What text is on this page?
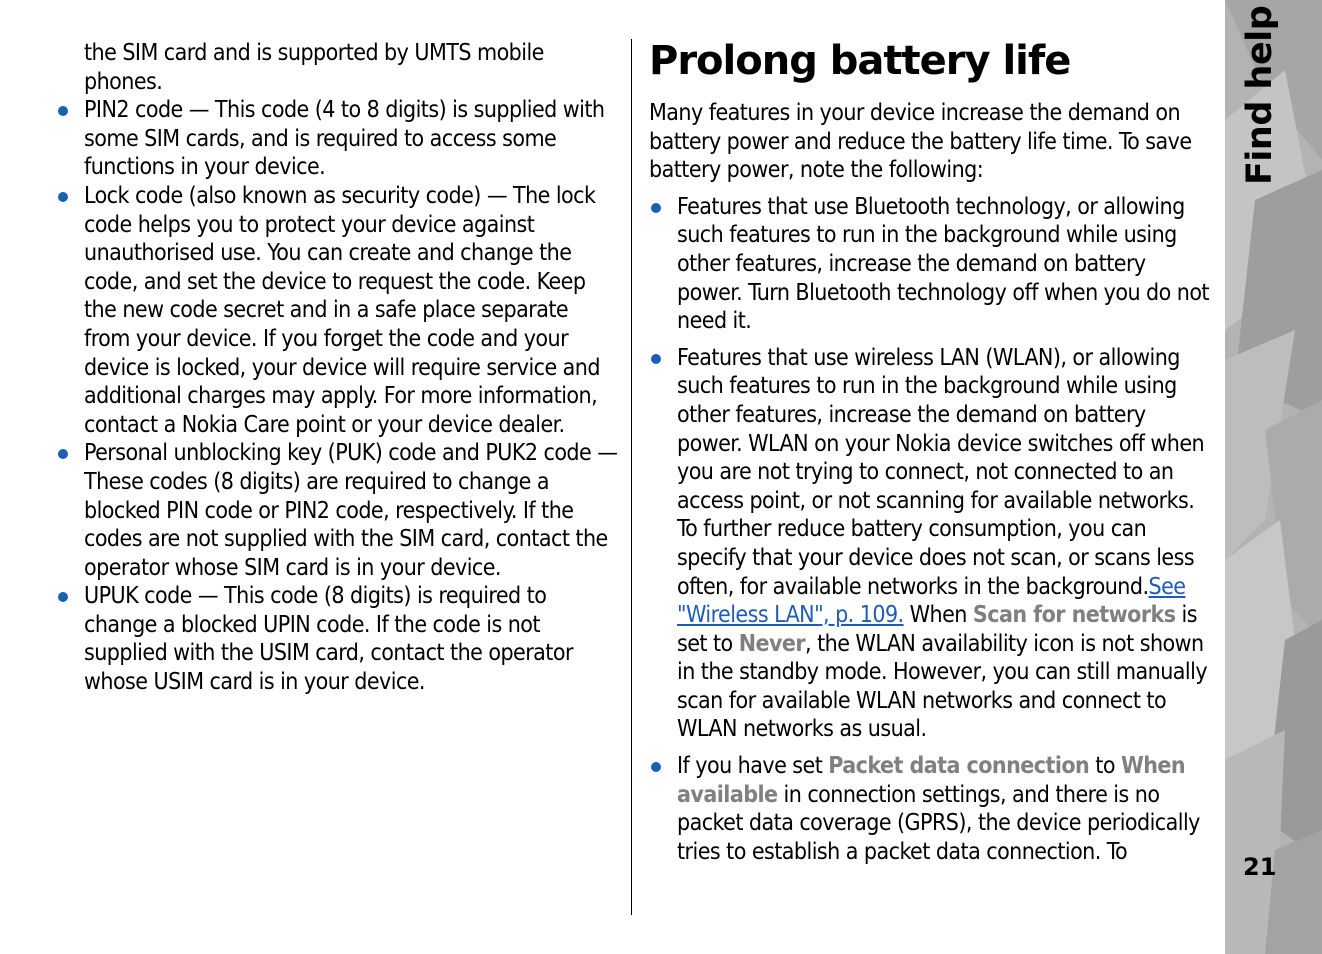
the SIM card and is supported by UMTS mobile phones.

PIN2 code — This code (4 to 8 digits) is supplied with some SIM cards, and is required to access some functions in your device.
Lock code (also known as security code) — The lock code helps you to protect your device against unauthorised use. You can create and change the code, and set the device to request the code. Keep the new code secret and in a safe place separate from your device. If you forget the code and your device is locked, your device will require service and additional charges may apply. For more information, contact a Nokia Care point or your device dealer.
Personal unblocking key (PUK) code and PUK2 code — These codes (8 digits) are required to change a blocked PIN code or PIN2 code, respectively. If the codes are not supplied with the SIM card, contact the operator whose SIM card is in your device.
UPUK code — This code (8 digits) is required to change a blocked UPIN code. If the code is not supplied with the USIM card, contact the operator whose USIM card is in your device.
Prolong battery life

Many features in your device increase the demand on battery power and reduce the battery life time. To save battery power, note the following:

Features that use Bluetooth technology, or allowing such features to run in the background while using other features, increase the demand on battery power. Turn Bluetooth technology off when you do not need it.
Features that use wireless LAN (WLAN), or allowing such features to run in the background while using other features, increase the demand on battery power. WLAN on your Nokia device switches off when you are not trying to connect, not connected to an access point, or not scanning for available networks. To further reduce battery consumption, you can specify that your device does not scan, or scans less often, for available networks in the background.See "Wireless LAN", p. 109. When Scan for networks is set to Never, the WLAN availability icon is not shown in the standby mode. However, you can still manually scan for available WLAN networks and connect to WLAN networks as usual.
If you have set Packet data connection to When available in connection settings, and there is no packet data coverage (GPRS), the device periodically tries to establish a packet data connection. To
Find help
21
